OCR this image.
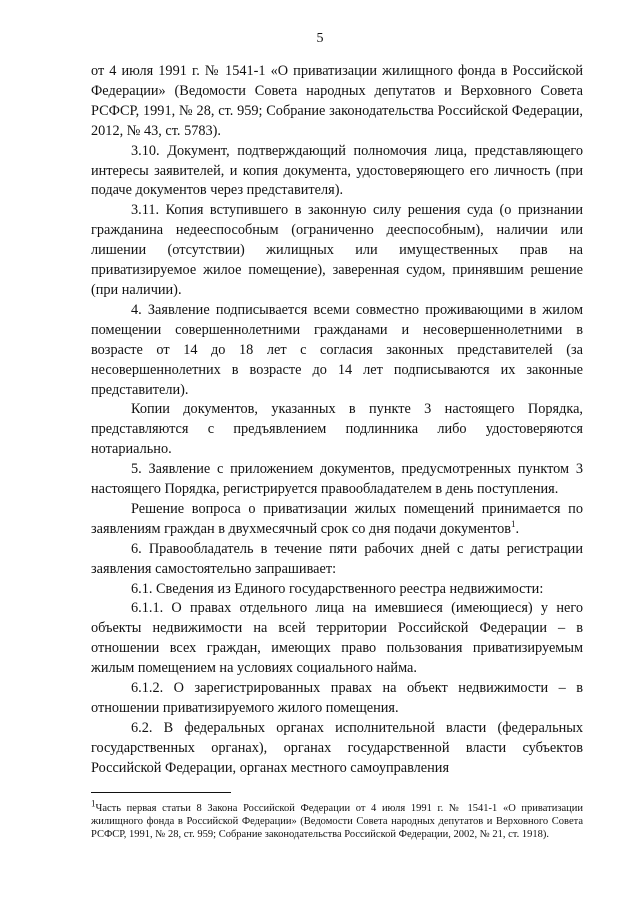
5

от 4 июля 1991 г. № 1541-1 «О приватизации жилищного фонда в Российской Федерации» (Ведомости Совета народных депутатов и Верховного Совета РСФСР, 1991, № 28, ст. 959; Собрание законодательства Российской Федерации, 2012, № 43, ст. 5783).

3.10. Документ, подтверждающий полномочия лица, представляющего интересы заявителей, и копия документа, удостоверяющего его личность (при подаче документов через представителя).

3.11. Копия вступившего в законную силу решения суда (о признании гражданина недееспособным (ограниченно дееспособным), наличии или лишении (отсутствии) жилищных или имущественных прав на приватизируемое жилое помещение), заверенная судом, принявшим решение (при наличии).

4. Заявление подписывается всеми совместно проживающими в жилом помещении совершеннолетними гражданами и несовершеннолетними в возрасте от 14 до 18 лет с согласия законных представителей (за несовершеннолетних в возрасте до 14 лет подписываются их законные представители).

Копии документов, указанных в пункте 3 настоящего Порядка, представляются с предъявлением подлинника либо удостоверяются нотариально.

5. Заявление с приложением документов, предусмотренных пунктом 3 настоящего Порядка, регистрируется правообладателем в день поступления.

Решение вопроса о приватизации жилых помещений принимается по заявлениям граждан в двухмесячный срок со дня подачи документов$^1$.

6. Правообладатель в течение пяти рабочих дней с даты регистрации заявления самостоятельно запрашивает:

6.1. Сведения из Единого государственного реестра недвижимости:

6.1.1. О правах отдельного лица на имевшиеся (имеющиеся) у него объекты недвижимости на всей территории Российской Федерации – в отношении всех граждан, имеющих право пользования приватизируемым жилым помещением на условиях социального найма.

6.1.2. О зарегистрированных правах на объект недвижимости – в отношении приватизируемого жилого помещения.

6.2. В федеральных органах исполнительной власти (федеральных государственных органах), органах государственной власти субъектов Российской Федерации, органах местного самоуправления

$^1$Часть первая статьи 8 Закона Российской Федерации от 4 июля 1991 г. № 1541-1 «О приватизации жилищного фонда в Российской Федерации» (Ведомости Совета народных депутатов и Верховного Совета РСФСР, 1991, № 28, ст. 959; Собрание законодательства Российской Федерации, 2002, № 21, ст. 1918).
